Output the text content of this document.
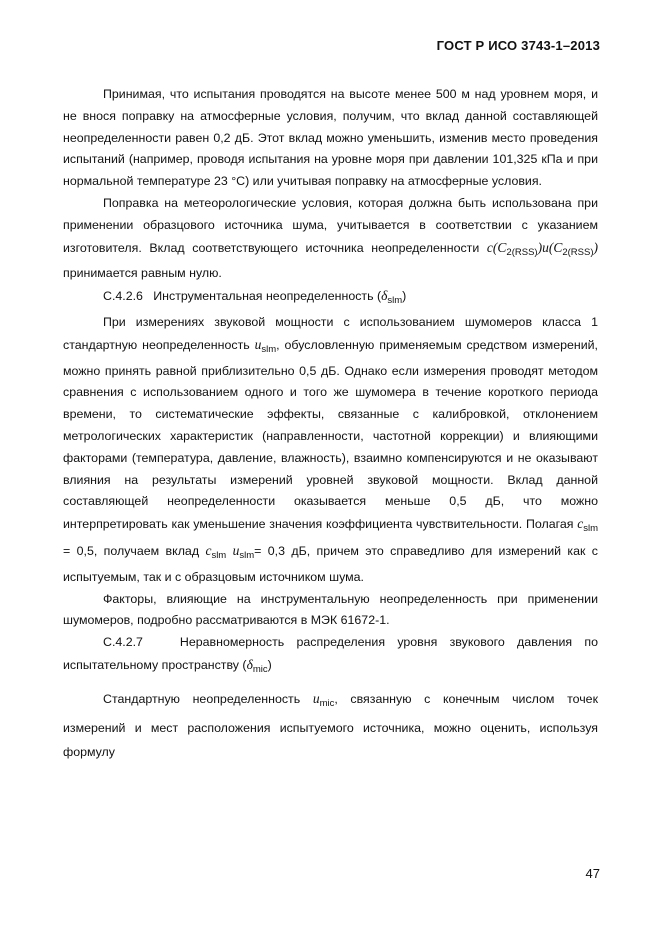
ГОСТ Р ИСО 3743-1–2013

Принимая, что испытания проводятся на высоте менее 500 м над уровнем моря, и не внося поправку на атмосферные условия, получим, что вклад данной составляющей неопределенности равен 0,2 дБ. Этот вклад можно уменьшить, изменив место проведения испытаний (например, проводя испытания на уровне моря при давлении 101,325 кПа и при нормальной температуре 23 °С) или учитывая поправку на атмосферные условия.

Поправка на метеорологические условия, которая должна быть использована при применении образцового источника шума, учитывается в соответствии с указанием изготовителя. Вклад соответствующего источника неопределенности $c(C_{2(RSS)})u(C_{2(RSS)})$ принимается равным нулю.

С.4.2.6 Инструментальная неопределенность $(\delta_{slm})$

При измерениях звуковой мощности с использованием шумомеров класса 1 стандартную неопределенность $u_{slm}$, обусловленную применяемым средством измерений, можно принять равной приблизительно 0,5 дБ. Однако если измерения проводят методом сравнения с использованием одного и того же шумомера в течение короткого периода времени, то систематические эффекты, связанные с калибровкой, отклонением метрологических характеристик (направленности, частотной коррекции) и влияющими факторами (температура, давление, влажность), взаимно компенсируются и не оказывают влияния на результаты измерений уровней звуковой мощности. Вклад данной составляющей неопределенности оказывается меньше 0,5 дБ, что можно интерпретировать как уменьшение значения коэффициента чувствительности. Полагая $c_{slm} = 0,5$, получаем вклад $c_{slm}$ $u_{slm}= 0,3$ дБ, причем это справедливо для измерений как с испытуемым, так и с образцовым источником шума.

Факторы, влияющие на инструментальную неопределенность при применении шумомеров, подробно рассматриваются в МЭК 61672-1.

С.4.2.7	Неравномерность распределения уровня звукового давления по испытательному пространству $(\delta_{mic})$

Стандартную неопределенность $u_{mic}$, связанную с конечным числом точек измерений и мест расположения испытуемого источника, можно оценить, используя формулу

47
